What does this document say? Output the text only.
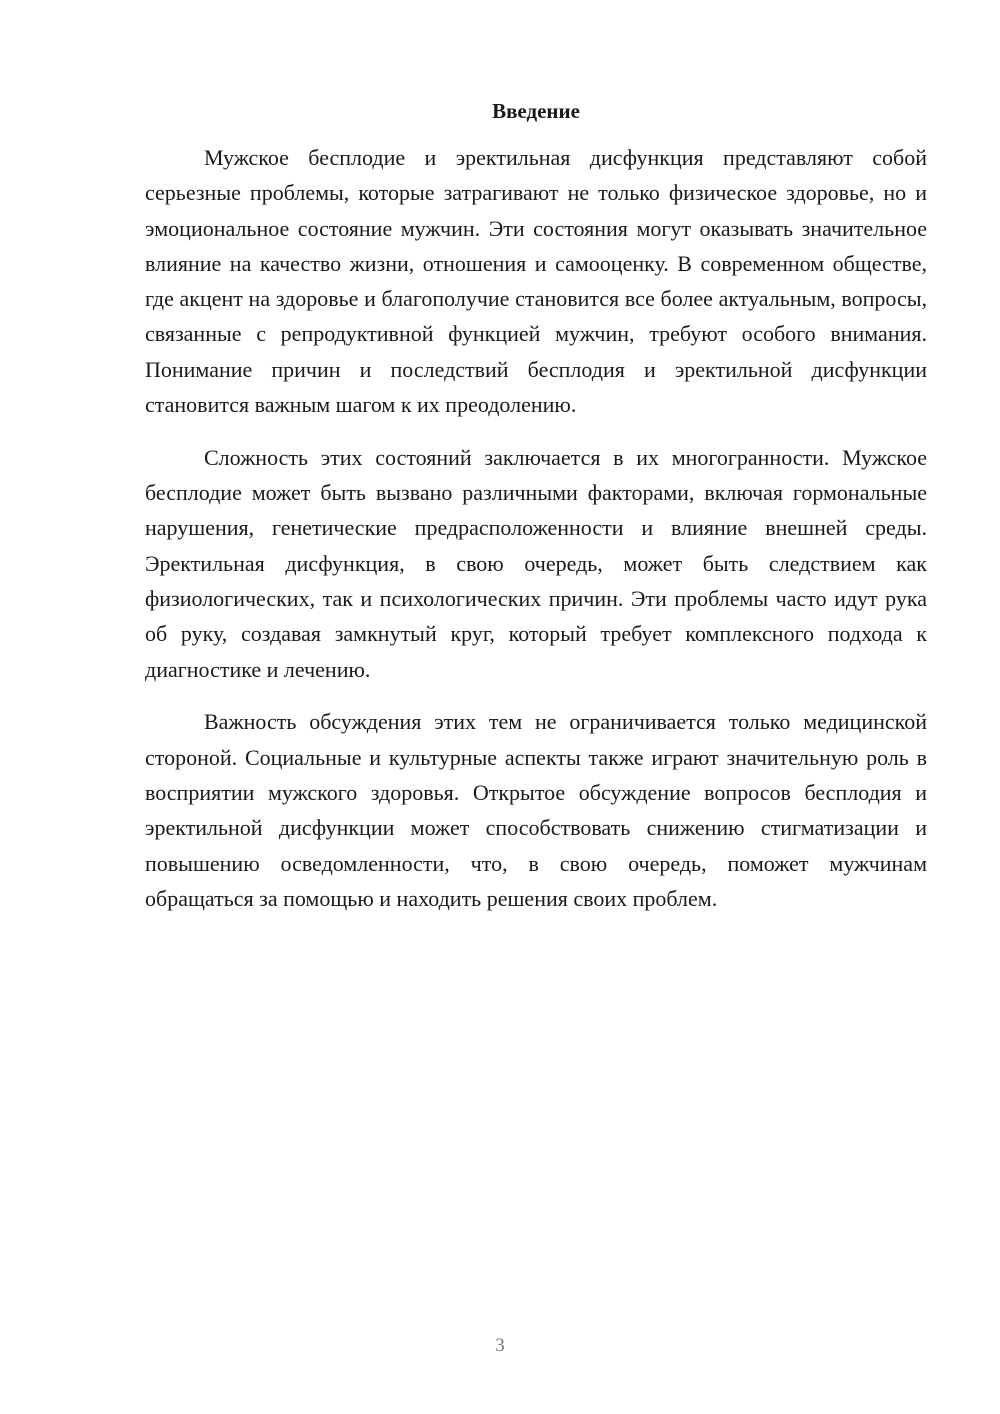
Введение

Мужское бесплодие и эректильная дисфункция представляют собой серьезные проблемы, которые затрагивают не только физическое здоровье, но и эмоциональное состояние мужчин. Эти состояния могут оказывать значительное влияние на качество жизни, отношения и самооценку. В современном обществе, где акцент на здоровье и благополучие становится все более актуальным, вопросы, связанные с репродуктивной функцией мужчин, требуют особого внимания. Понимание причин и последствий бесплодия и эректильной дисфункции становится важным шагом к их преодолению.

Сложность этих состояний заключается в их многогранности. Мужское бесплодие может быть вызвано различными факторами, включая гормональные нарушения, генетические предрасположенности и влияние внешней среды. Эректильная дисфункция, в свою очередь, может быть следствием как физиологических, так и психологических причин. Эти проблемы часто идут рука об руку, создавая замкнутый круг, который требует комплексного подхода к диагностике и лечению.

Важность обсуждения этих тем не ограничивается только медицинской стороной. Социальные и культурные аспекты также играют значительную роль в восприятии мужского здоровья. Открытое обсуждение вопросов бесплодия и эректильной дисфункции может способствовать снижению стигматизации и повышению осведомленности, что, в свою очередь, поможет мужчинам обращаться за помощью и находить решения своих проблем.

3
